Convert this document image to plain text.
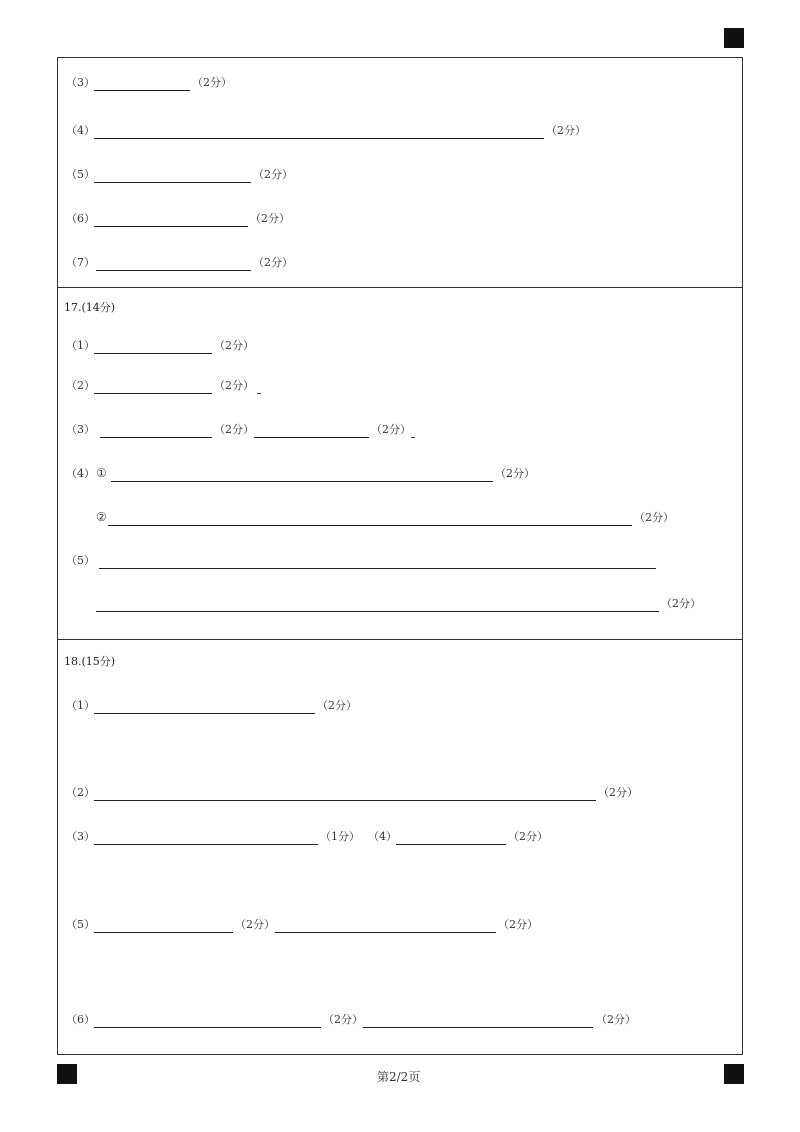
（3）	（2分）
（4）	（2分）
（5）	（2分）
（6）	（2分）
（7）	（2分）
17.(14分)
（1）	（2分）
（2）	（2分）
（3）	（2分）	（2分）
（4） ①	（2分）
②	（2分）
（5）
（2分）
18.(15分)
（1）	（2分）
（2）	（2分）
（3）	（1分） （4）	（2分）
（5）	（2分）	（2分）
（6）	（2分）	（2分）
第2/2页
